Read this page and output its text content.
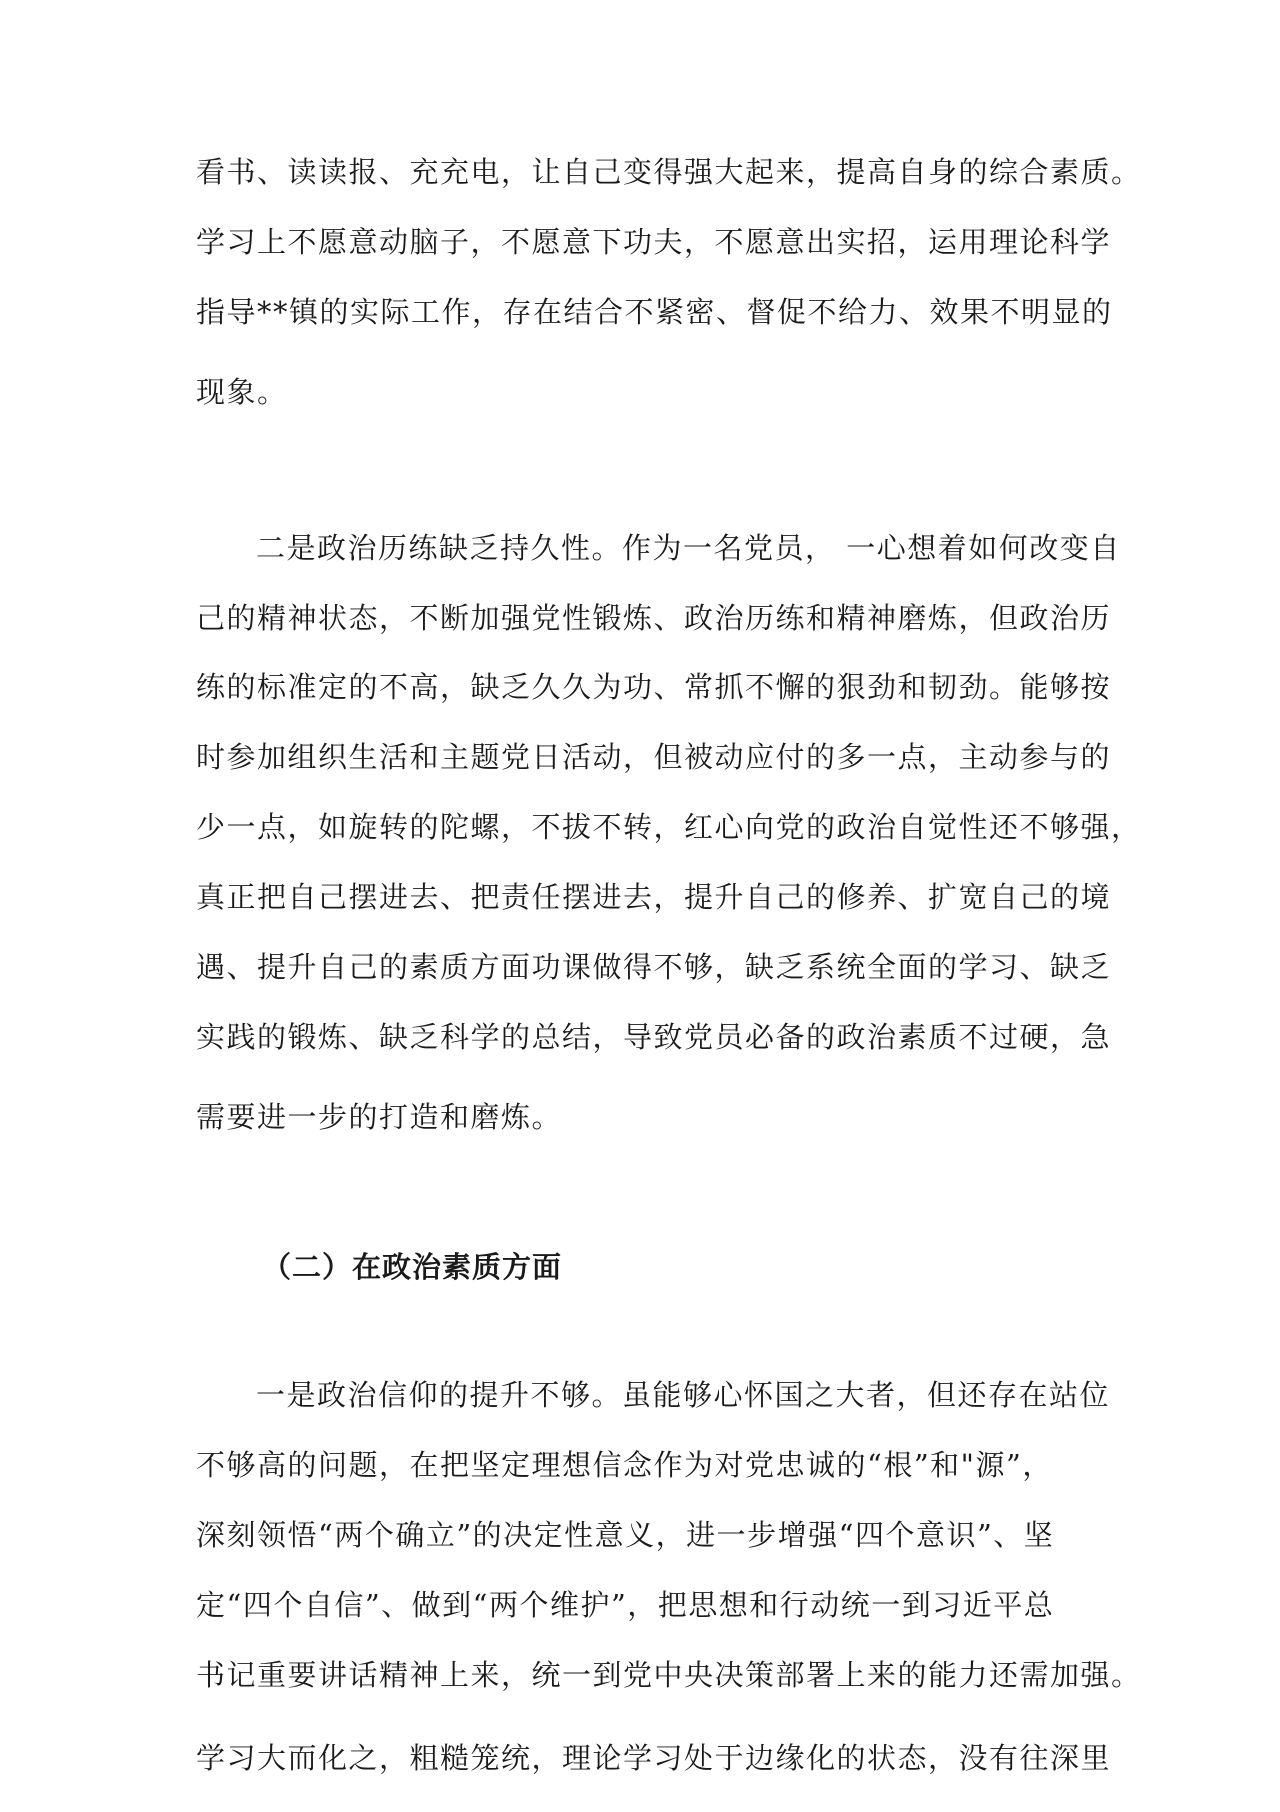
看书、读读报、充充电，让自己变得强大起来，提高自身的综合素质。
学习上不愿意动脑子，不愿意下功夫，不愿意出实招，运用理论科学
指导**镇的实际工作，存在结合不紧密、督促不给力、效果不明显的
现象。
二是政治历练缺乏持久性。作为一名党员， 一心想着如何改变自
己的精神状态，不断加强党性锻炼、政治历练和精神磨炼，但政治历
练的标准定的不高，缺乏久久为功、常抓不懈的狠劲和韧劲。能够按
时参加组织生活和主题党日活动，但被动应付的多一点，主动参与的
少一点，如旋转的陀螺，不拔不转，红心向党的政治自觉性还不够强，
真正把自己摆进去、把责任摆进去，提升自己的修养、扩宽自己的境
遇、提升自己的素质方面功课做得不够，缺乏系统全面的学习、缺乏
实践的锻炼、缺乏科学的总结，导致党员必备的政治素质不过硬，急
需要进一步的打造和磨炼。
（二）在政治素质方面
一是政治信仰的提升不够。虽能够心怀国之大者，但还存在站位
不够高的问题，在把坚定理想信念作为对党忠诚的“根”和"源”，
深刻领悟“两个确立”的决定性意义，进一步增强“四个意识”、坚
定“四个自信”、做到“两个维护”，把思想和行动统一到习近平总
书记重要讲话精神上来，统一到党中央决策部署上来的能力还需加强。
学习大而化之，粗糙笼统，理论学习处于边缘化的状态，没有往深里
